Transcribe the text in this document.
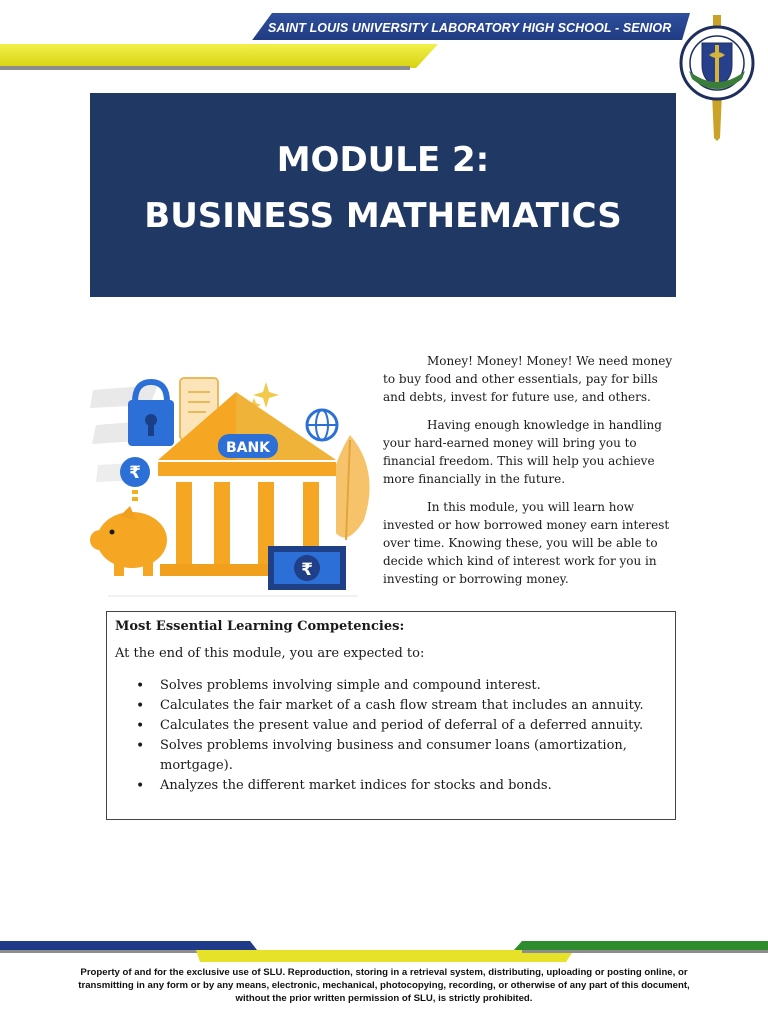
SAINT LOUIS UNIVERSITY LABORATORY HIGH SCHOOL - SENIOR
MODULE 2:
BUSINESS MATHEMATICS
₹
BANK
₹

Money! Money! Money! We need money to buy food and other essentials, pay for bills and debts, invest for future use, and others.

Having enough knowledge in handling your hard-earned money will bring you to financial freedom. This will help you achieve more financially in the future.

In this module, you will learn how invested or how borrowed money earn interest over time. Knowing these, you will be able to decide which kind of interest work for you in investing or borrowing money.

Most Essential Learning Competencies:
At the end of this module, you are expected to:
• Solves problems involving simple and compound interest.
• Calculates the fair market of a cash flow stream that includes an annuity.
• Calculates the present value and period of deferral of a deferred annuity.
• Solves problems involving business and consumer loans (amortization, mortgage).
• Analyzes the different market indices for stocks and bonds.
Property of and for the exclusive use of SLU. Reproduction, storing in a retrieval system, distributing, uploading or posting online, or transmitting in any form or by any means, electronic, mechanical, photocopying, recording, or otherwise of any part of this document, without the prior written permission of SLU, is strictly prohibited.
